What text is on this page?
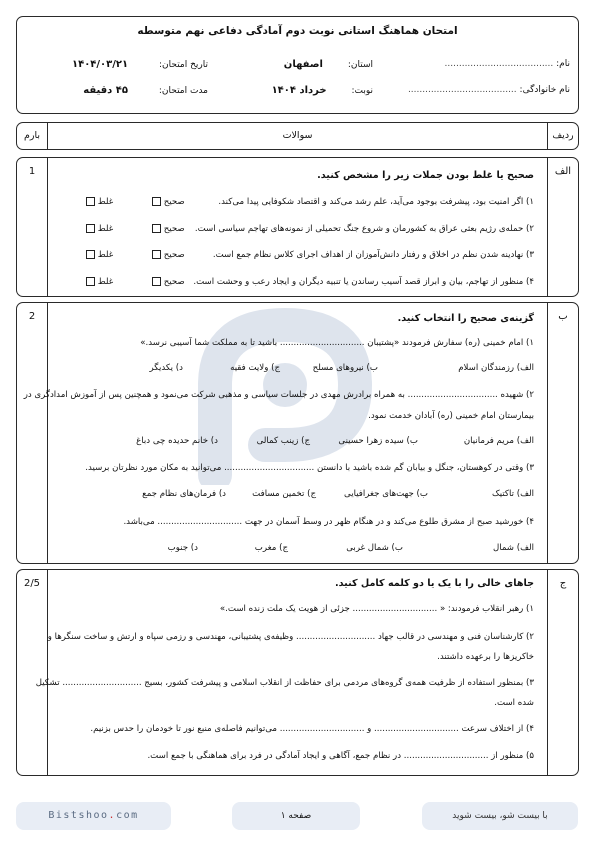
امتحان هماهنگ استانی نوبت دوم آمادگی دفاعی نهم متوسطه
نام: ......................................
استان: اصفهان
تاریخ امتحان: ۱۴۰۴/۰۳/۲۱
نام خانوادگی: ......................................
نوبت: خرداد ۱۴۰۴
مدت امتحان: ۴۵ دقیقه
ردیف
سوالات
بارم
الف
1	صحیح یا غلط بودن جملات زیر را مشخص کنید.
۱) اگر امنیت بود، پیشرفت بوجود می‌آید، علم رشد می‌کند و اقتصاد شکوفایی پیدا می‌کند.
۲) حمله‌ی رژیم بعثی عراق به کشورمان و شروع جنگ تحمیلی از نمونه‌های تهاجم سیاسی است.
۳) نهادینه شدن نظم در اخلاق و رفتار دانش‌آموزان از اهداف اجرای کلاس نظام جمع است.
۴) منظور از تهاجم، بیان و ابراز قصد آسیب رساندن یا تنبیه دیگران و ایجاد رعب و وحشت است.
صحیح
غلط
صحیح
غلط
صحیح
غلط
صحیح
غلط
ب
2	گزینه‌ی صحیح را انتخاب کنید.
۱) امام خمینی (ره) سفارش فرمودند «پشتیبان ............................... باشید تا به مملکت شما آسیبی نرسد.»
الف) رزمندگان اسلام
ب) نیروهای مسلح
ج) ولایت فقیه
د) یکدیگر
۲) شهیده ................................. به همراه برادرش مهدی در جلسات سیاسی و مذهبی شرکت می‌نمود و همچنین پس از آموزش امدادگری در
بیمارستان امام خمینی (ره) آبادان خدمت نمود.
الف) مریم فرمانیان
ب) سیده زهرا حسینی
ج) زینب کمالی
د) خانم حدیده چی دباغ
۳) وقتی در کوهستان، جنگل و بیابان گم شده باشید با دانستن ................................. می‌توانید به مکان مورد نظرتان برسید.
الف) تاکتیک
ب) جهت‌های جغرافیایی
ج) تخمین مسافت
د) فرمان‌های نظام جمع
۴) خورشید صبح از مشرق طلوع می‌کند و در هنگام ظهر در وسط آسمان در جهت ............................... می‌باشد.
الف) شمال
ب) شمال غربی
ج) مغرب
د) جنوب
ج
2/5	جاهای خالی را با یک یا دو کلمه کامل کنید.
۱) رهبر انقلاب فرمودند: « ............................... جزئی از هویت یک ملت زنده است.»
۲) کارشناسان فنی و مهندسی در قالب جهاد ............................. وظیفه‌ی پشتیبانی، مهندسی و رزمی سپاه و ارتش و ساخت سنگرها و
خاکریزها را برعهده داشتند.
۳) بمنظور استفاده از ظرفیت همه‌ی گروه‌های مردمی برای حفاظت از انقلاب اسلامی و پیشرفت کشور، بسیج ............................. تشکیل
شده است.
۴) از اختلاف سرعت ............................... و ............................... می‌توانیم فاصله‌ی منبع نور تا خودمان را حدس بزنیم.
۵) منظور از ............................... در نظام جمع، آگاهی و ایجاد آمادگی در فرد برای هماهنگی با جمع است.
Bistshoo.com	صفحه ۱	با بیست شو، بیست شوید
